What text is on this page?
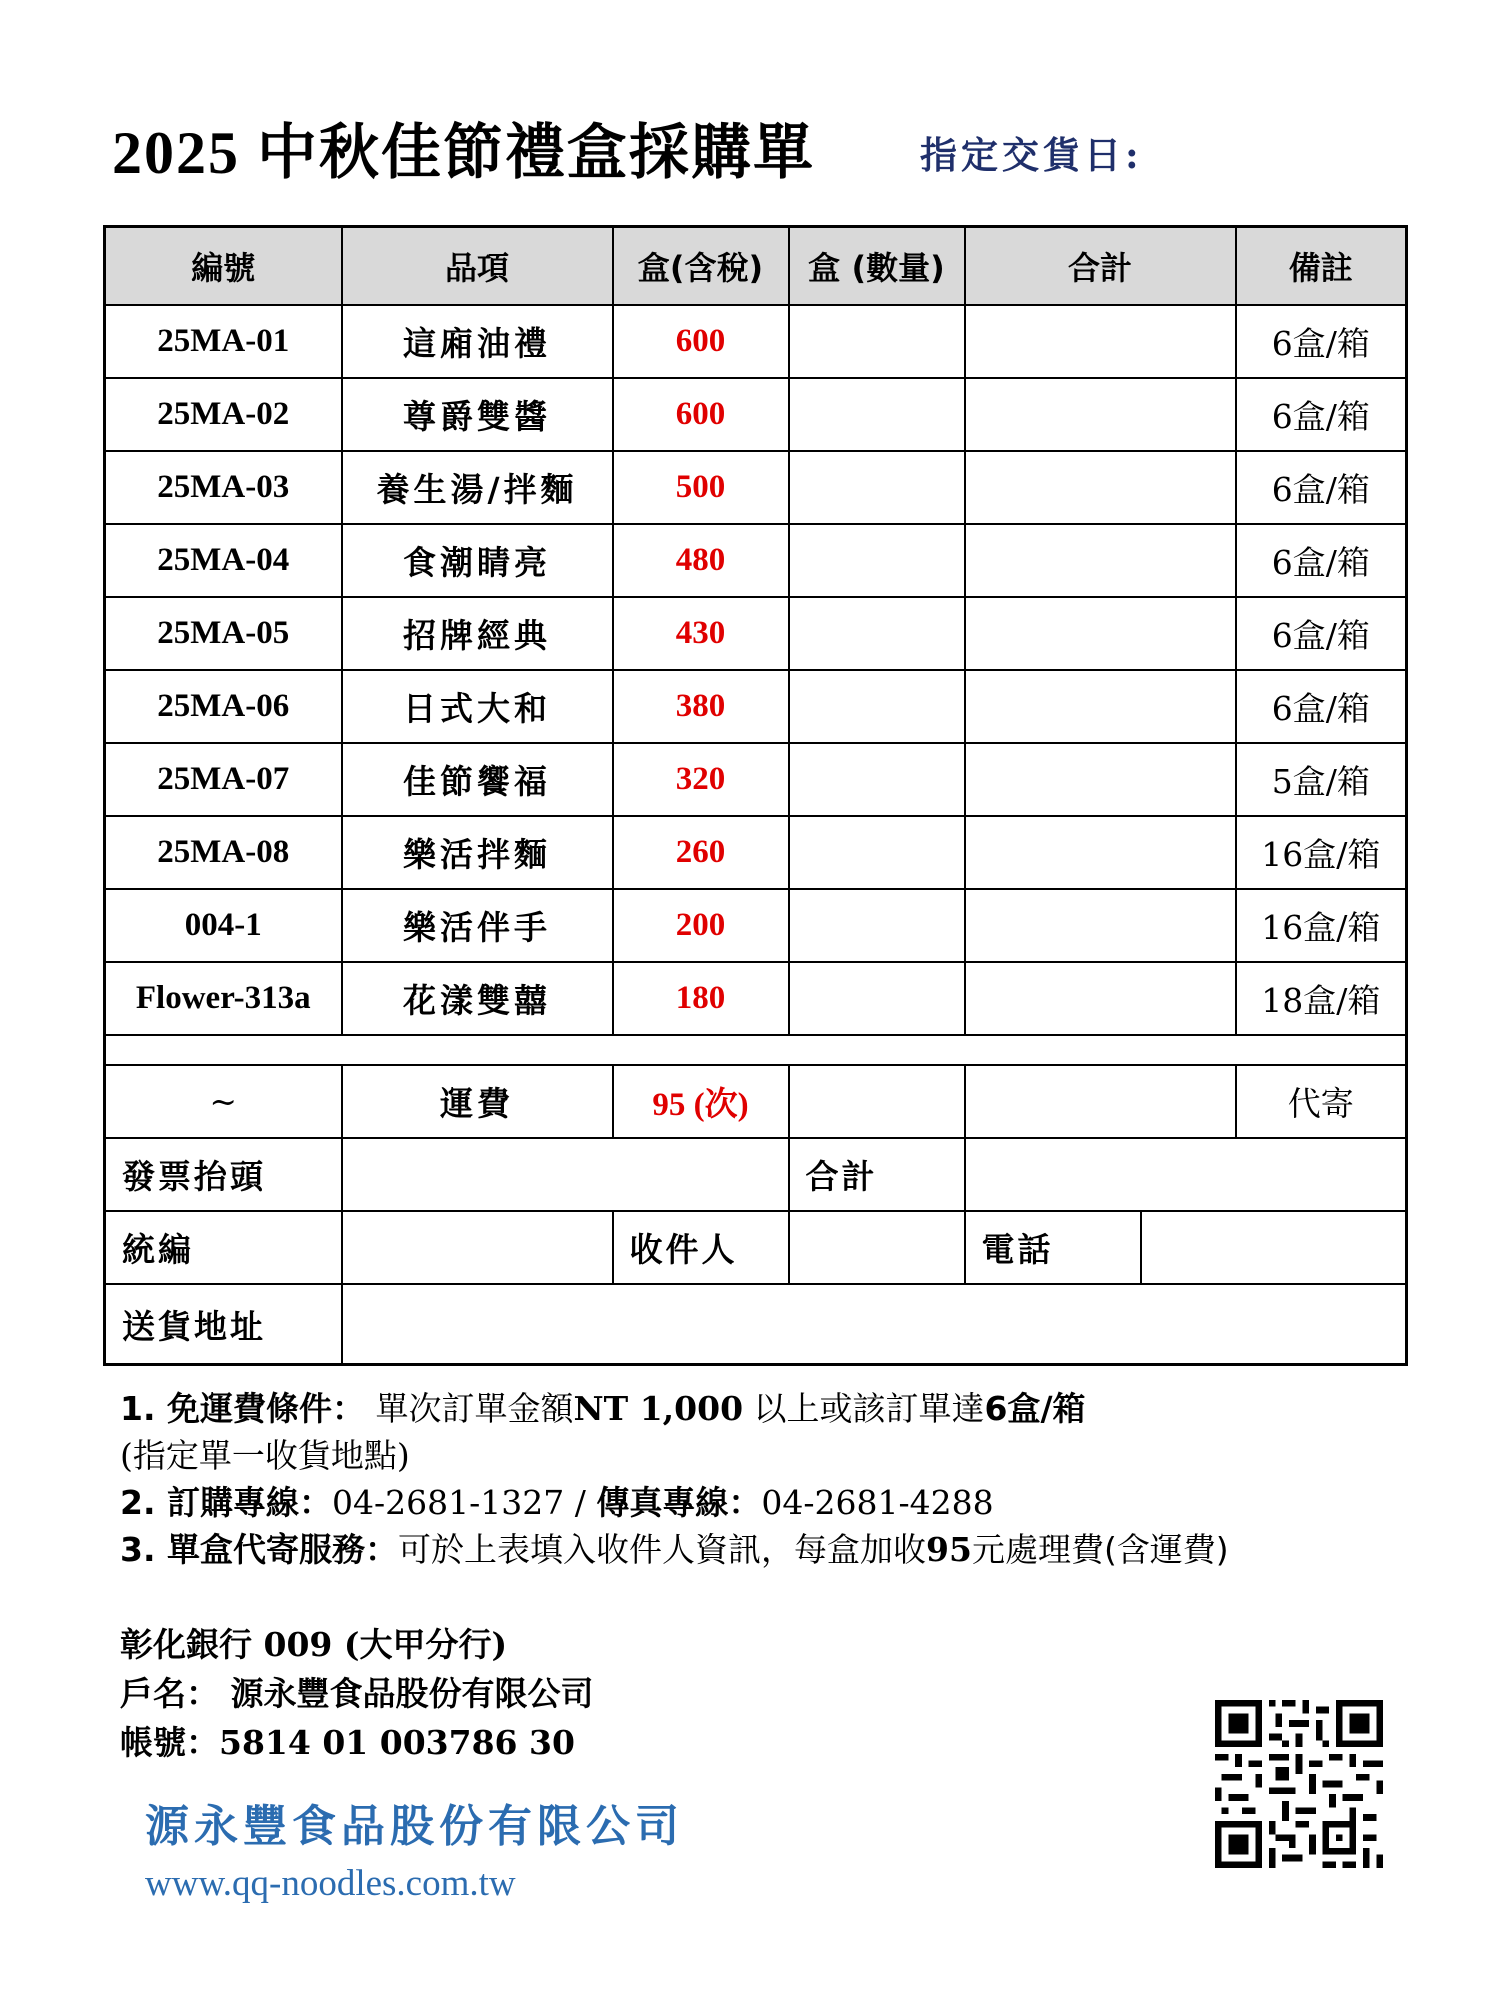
2025 中秋佳節禮盒採購單	指定交貨日:
編號	品項	盒(含稅)	盒 (數量)	合計		備註
25MA-01	這廂油禮	600				6盒/箱
25MA-02	尊爵雙醬	600				6盒/箱
25MA-03	養生湯/拌麵	500				6盒/箱
25MA-04	食潮睛亮	480				6盒/箱
25MA-05	招牌經典	430				6盒/箱
25MA-06	日式大和	380				6盒/箱
25MA-07	佳節饗福	320				5盒/箱
25MA-08	樂活拌麵	260				16盒/箱
004-1	樂活伴手	200				16盒/箱
Flower-313a	花漾雙囍	180				18盒/箱

~	運費	95 (次)				代寄
發票抬頭			合計			
統編		收件人		電話		
送貨地址						
1. 免運費條件： 單次訂單金額NT 1,000 以上或該訂單達6盒/箱
(指定單一收貨地點)
2. 訂購專線：04-2681-1327 / 傳真專線：04-2681-4288
3. 單盒代寄服務：可於上表填入收件人資訊，每盒加收95元處理費(含運費)
彰化銀行 009 (大甲分行)
戶名： 源永豐食品股份有限公司
帳號：5814 01 003786 30
源永豐食品股份有限公司
www.qq-noodles.com.tw
